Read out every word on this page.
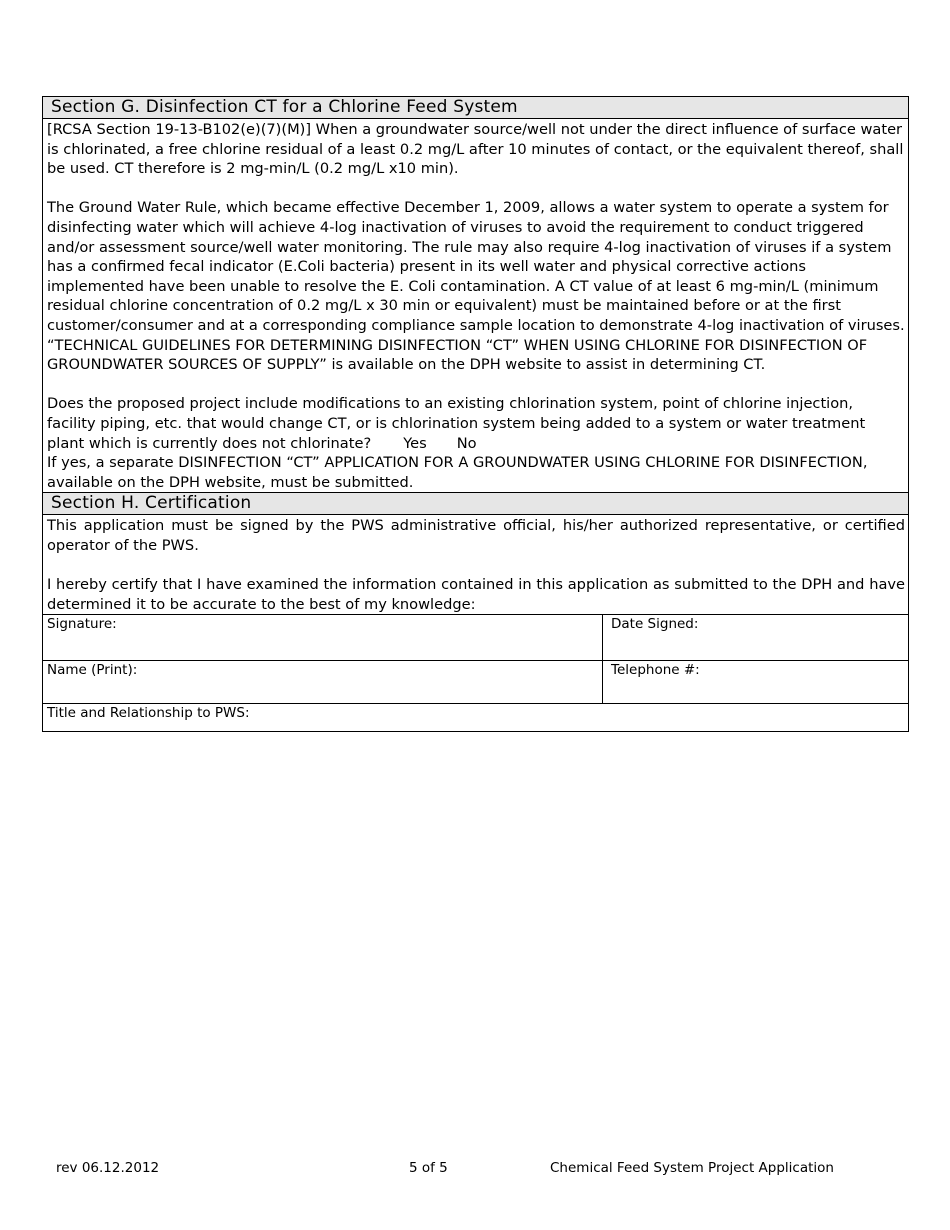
Section G. Disinfection CT for a Chlorine Feed System

[RCSA Section 19-13-B102(e)(7)(M)] When a groundwater source/well not under the direct influence of surface water is chlorinated, a free chlorine residual of a least 0.2 mg/L after 10 minutes of contact, or the equivalent thereof, shall be used. CT therefore is 2 mg-min/L (0.2 mg/L x10 min).

The Ground Water Rule, which became effective December 1, 2009, allows a water system to operate a system for disinfecting water which will achieve 4-log inactivation of viruses to avoid the requirement to conduct triggered and/or assessment source/well water monitoring. The rule may also require 4-log inactivation of viruses if a system has a confirmed fecal indicator (E.Coli bacteria) present in its well water and physical corrective actions implemented have been unable to resolve the E. Coli contamination. A CT value of at least 6 mg-min/L (minimum residual chlorine concentration of 0.2 mg/L x 30 min or equivalent) must be maintained before or at the first customer/consumer and at a corresponding compliance sample location to demonstrate 4-log inactivation of viruses. “TECHNICAL GUIDELINES FOR DETERMINING DISINFECTION “CT” WHEN USING CHLORINE FOR DISINFECTION OF GROUNDWATER SOURCES OF SUPPLY” is available on the DPH website to assist in determining CT.

Does the proposed project include modifications to an existing chlorination system, point of chlorine injection, facility piping, etc. that would change CT, or is chlorination system being added to a system or water treatment plant which is currently does not chlorinate? Yes No

If yes, a separate DISINFECTION “CT” APPLICATION FOR A GROUNDWATER USING CHLORINE FOR DISINFECTION, available on the DPH website, must be submitted.

Section H. Certification

This application must be signed by the PWS administrative official, his/her authorized representative, or certified operator of the PWS.

I hereby certify that I have examined the information contained in this application as submitted to the DPH and have determined it to be accurate to the best of my knowledge:

Signature:	Date Signed:
Name (Print):	Telephone #:
Title and Relationship to PWS:
rev 06.12.2012	5 of 5	Chemical Feed System Project Application
